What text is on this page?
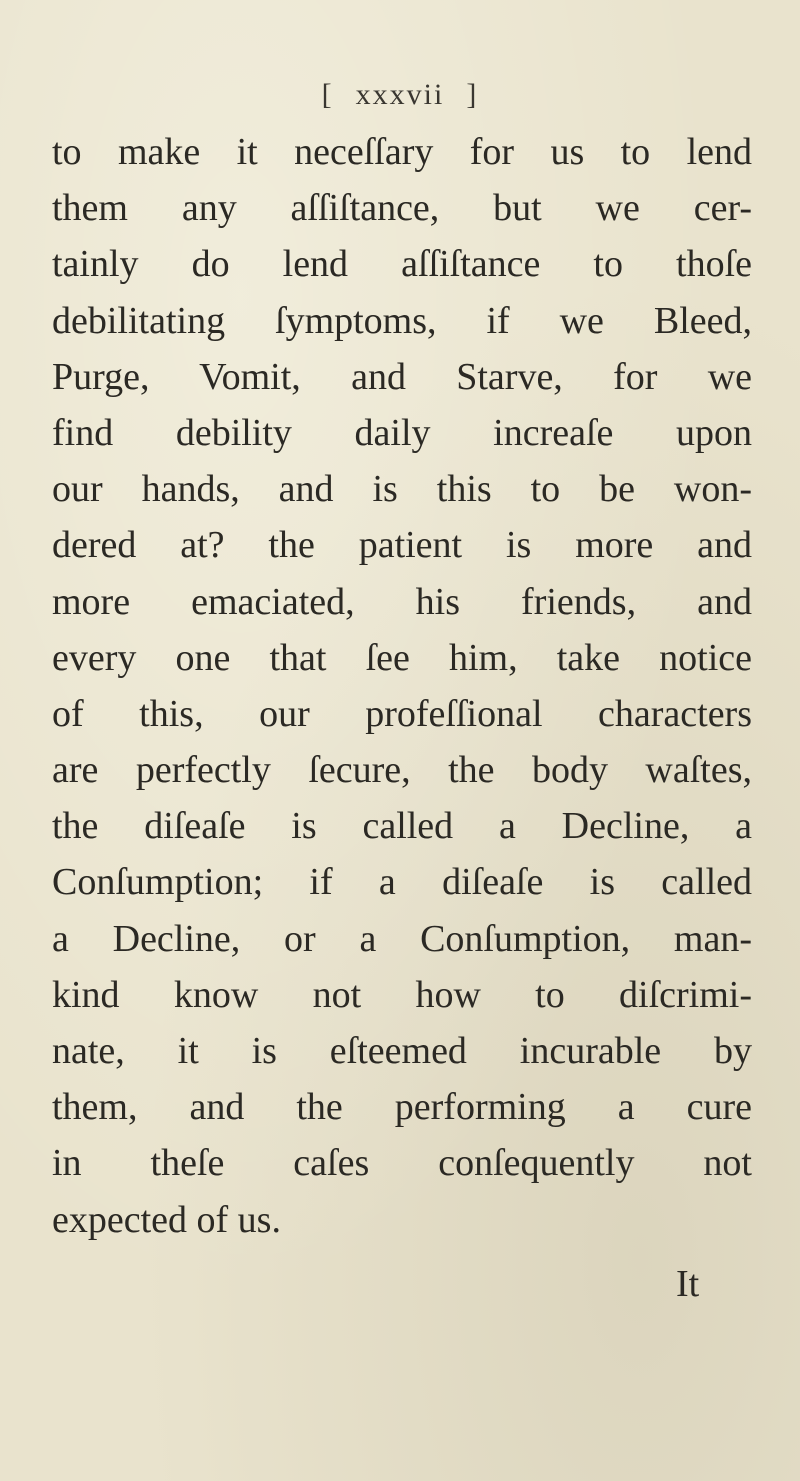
[ xxxvii ]
to make it neceſſary for us to lend
them any aſſiſtance, but we cer-
tainly do lend aſſiſtance to thoſe
debilitating ſymptoms, if we Bleed,
Purge, Vomit, and Starve, for we
find debility daily increaſe upon
our hands, and is this to be won-
dered at? the patient is more and
more emaciated, his friends, and
every one that ſee him, take notice
of this, our profeſſional characters
are perfectly ſecure, the body waſtes,
the diſeaſe is called a Decline, a
Conſumption; if a diſeaſe is called
a Decline, or a Conſumption, man-
kind know not how to diſcrimi-
nate, it is eſteemed incurable by
them, and the performing a cure
in theſe caſes conſequently not
expected of us.
It
